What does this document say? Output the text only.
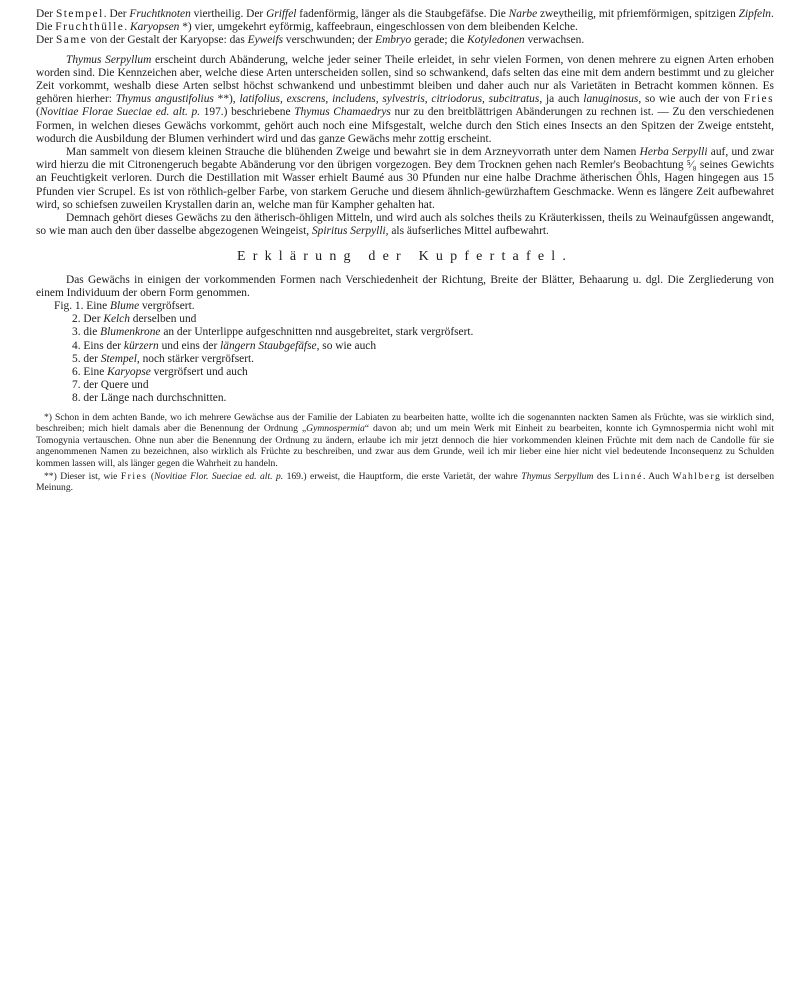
Der Stempel. Der Fruchtknoten viertheilig. Der Griffel fadenförmig, länger als die Staubgefäfse. Die Narbe zweytheilig, mit pfriemförmigen, spitzigen Zipfeln.

Die Fruchthülle. Karyopsen *) vier, umgekehrt eyförmig, kaffeebraun, eingeschlossen von dem bleibenden Kelche.

Der Same von der Gestalt der Karyopse: das Eyweifs verschwunden; der Embryo gerade; die Kotyledonen verwachsen.

Thymus Serpyllum erscheint durch Abänderung, welche jeder seiner Theile erleidet, in sehr vielen Formen, von denen mehrere zu eignen Arten erhoben worden sind. Die Kennzeichen aber, welche diese Arten unterscheiden sollen, sind so schwankend, dafs selten das eine mit dem andern bestimmt und zu gleicher Zeit vorkommt, weshalb diese Arten selbst höchst schwankend und unbestimmt bleiben und daher auch nur als Varietäten in Betracht kommen können. Es gehören hierher: Thymus angustifolius **), latifolius, exscrens, includens, sylvestris, citriodorus, subcitratus, ja auch lanuginosus, so wie auch der von Fries (Novitiae Florae Sueciae ed. alt. p. 197.) beschriebene Thymus Chamaedrys nur zu den breitblättrigen Abänderungen zu rechnen ist. — Zu den verschiedenen Formen, in welchen dieses Gewächs vorkommt, gehört auch noch eine Mifsgestalt, welche durch den Stich eines Insects an den Spitzen der Zweige entsteht, wodurch die Ausbildung der Blumen verhindert wird und das ganze Gewächs mehr zottig erscheint.

Man sammelt von diesem kleinen Strauche die blühenden Zweige und bewahrt sie in dem Arzneyvorrath unter dem Namen Herba Serpylli auf, und zwar wird hierzu die mit Citronengeruch begabte Abänderung vor den übrigen vorgezogen. Bey dem Trocknen gehen nach Remler's Beobachtung ⁵⁄₈ seines Gewichts an Feuchtigkeit verloren. Durch die Destillation mit Wasser erhielt Baumé aus 30 Pfunden nur eine halbe Drachme ätherischen Öhls, Hagen hingegen aus 15 Pfunden vier Scrupel. Es ist von röthlich-gelber Farbe, von starkem Geruche und diesem ähnlich-gewürzhaftem Geschmacke. Wenn es längere Zeit aufbewahret wird, so schiefsen zuweilen Krystallen darin an, welche man für Kampher gehalten hat.

Demnach gehört dieses Gewächs zu den ätherisch-öhligen Mitteln, und wird auch als solches theils zu Kräuterkissen, theils zu Weinaufgüssen angewandt, so wie man auch den über dasselbe abgezogenen Weingeist, Spiritus Serpylli, als äufserliches Mittel aufbewahrt.

Erklärung der Kupfertafel.

Das Gewächs in einigen der vorkommenden Formen nach Verschiedenheit der Richtung, Breite der Blätter, Behaarung u. dgl. Die Zergliederung von einem Individuum der obern Form genommen.

Fig. 1. Eine Blume vergröfsert.
2. Der Kelch derselben und
3. die Blumenkrone an der Unterlippe aufgeschnitten nnd ausgebreitet, stark vergröfsert.
4. Eins der kürzern und eins der längern Staubgefäfse, so wie auch
5. der Stempel, noch stärker vergröfsert.
6. Eine Karyopse vergröfsert und auch
7. der Quere und
8. der Länge nach durchschnitten.

*) Schon in dem achten Bande, wo ich mehrere Gewächse aus der Familie der Labiaten zu bearbeiten hatte, wollte ich die sogenannten nackten Samen als Früchte, was sie wirklich sind, beschreiben; mich hielt damals aber die Benennung der Ordnung „Gymnospermia“ davon ab; und um mein Werk mit Einheit zu bearbeiten, konnte ich Gymnospermia nicht wohl mit Tomogynia vertauschen. Ohne nun aber die Benennung der Ordnung zu ändern, erlaube ich mir jetzt dennoch die hier vorkommenden kleinen Früchte mit dem nach de Candolle für sie angenommenen Namen zu bezeichnen, also wirklich als Früchte zu beschreiben, und zwar aus dem Grunde, weil ich mir lieber eine hier nicht viel bedeutende Inconsequenz zu Schulden kommen lassen will, als länger gegen die Wahrheit zu handeln.

**) Dieser ist, wie Fries (Novitiae Flor. Sueciae ed. alt. p. 169.) erweist, die Hauptform, die erste Varietät, der wahre Thymus Serpyllum des Linné. Auch Wahlberg ist derselben Meinung.
